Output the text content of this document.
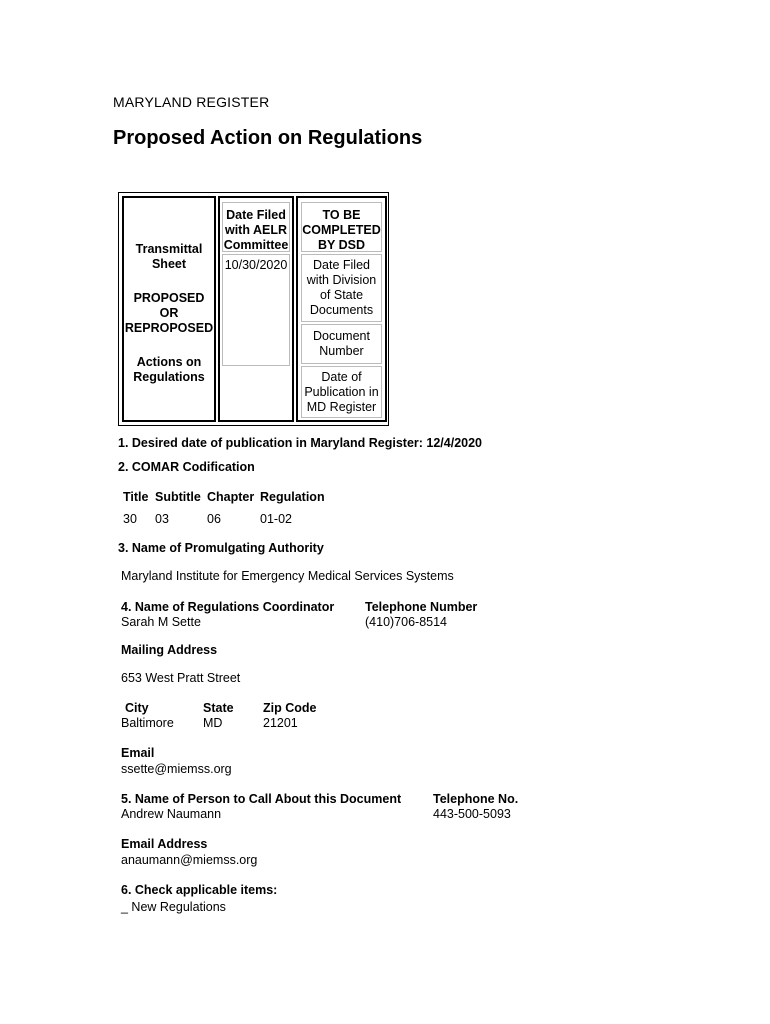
MARYLAND REGISTER
Proposed Action on Regulations
Transmittal
Sheet
PROPOSED
OR
REPROPOSED
Actions on
Regulations
Date Filed
with AELR
Committee
10/30/2020
TO BE
COMPLETED
BY DSD
Date Filed
with Division
of State
Documents
Document
Number
Date of
Publication in
MD Register
1. Desired date of publication in Maryland Register: 12/4/2020
2. COMAR Codification
Title Subtitle Chapter Regulation
30 03	06	01-02
3. Name of Promulgating Authority
Maryland Institute for Emergency Medical Services Systems
4. Name of Regulations Coordinator
Sarah M Sette
Telephone Number
(410)706-8514
Mailing Address
653 West Pratt Street
City
Baltimore
State
MD
Zip Code
21201
Email
ssette@miemss.org
5. Name of Person to Call About this Document
Andrew Naumann
Telephone No.
443-500-5093
Email Address
anaumann@miemss.org
6. Check applicable items:
_ New Regulations
